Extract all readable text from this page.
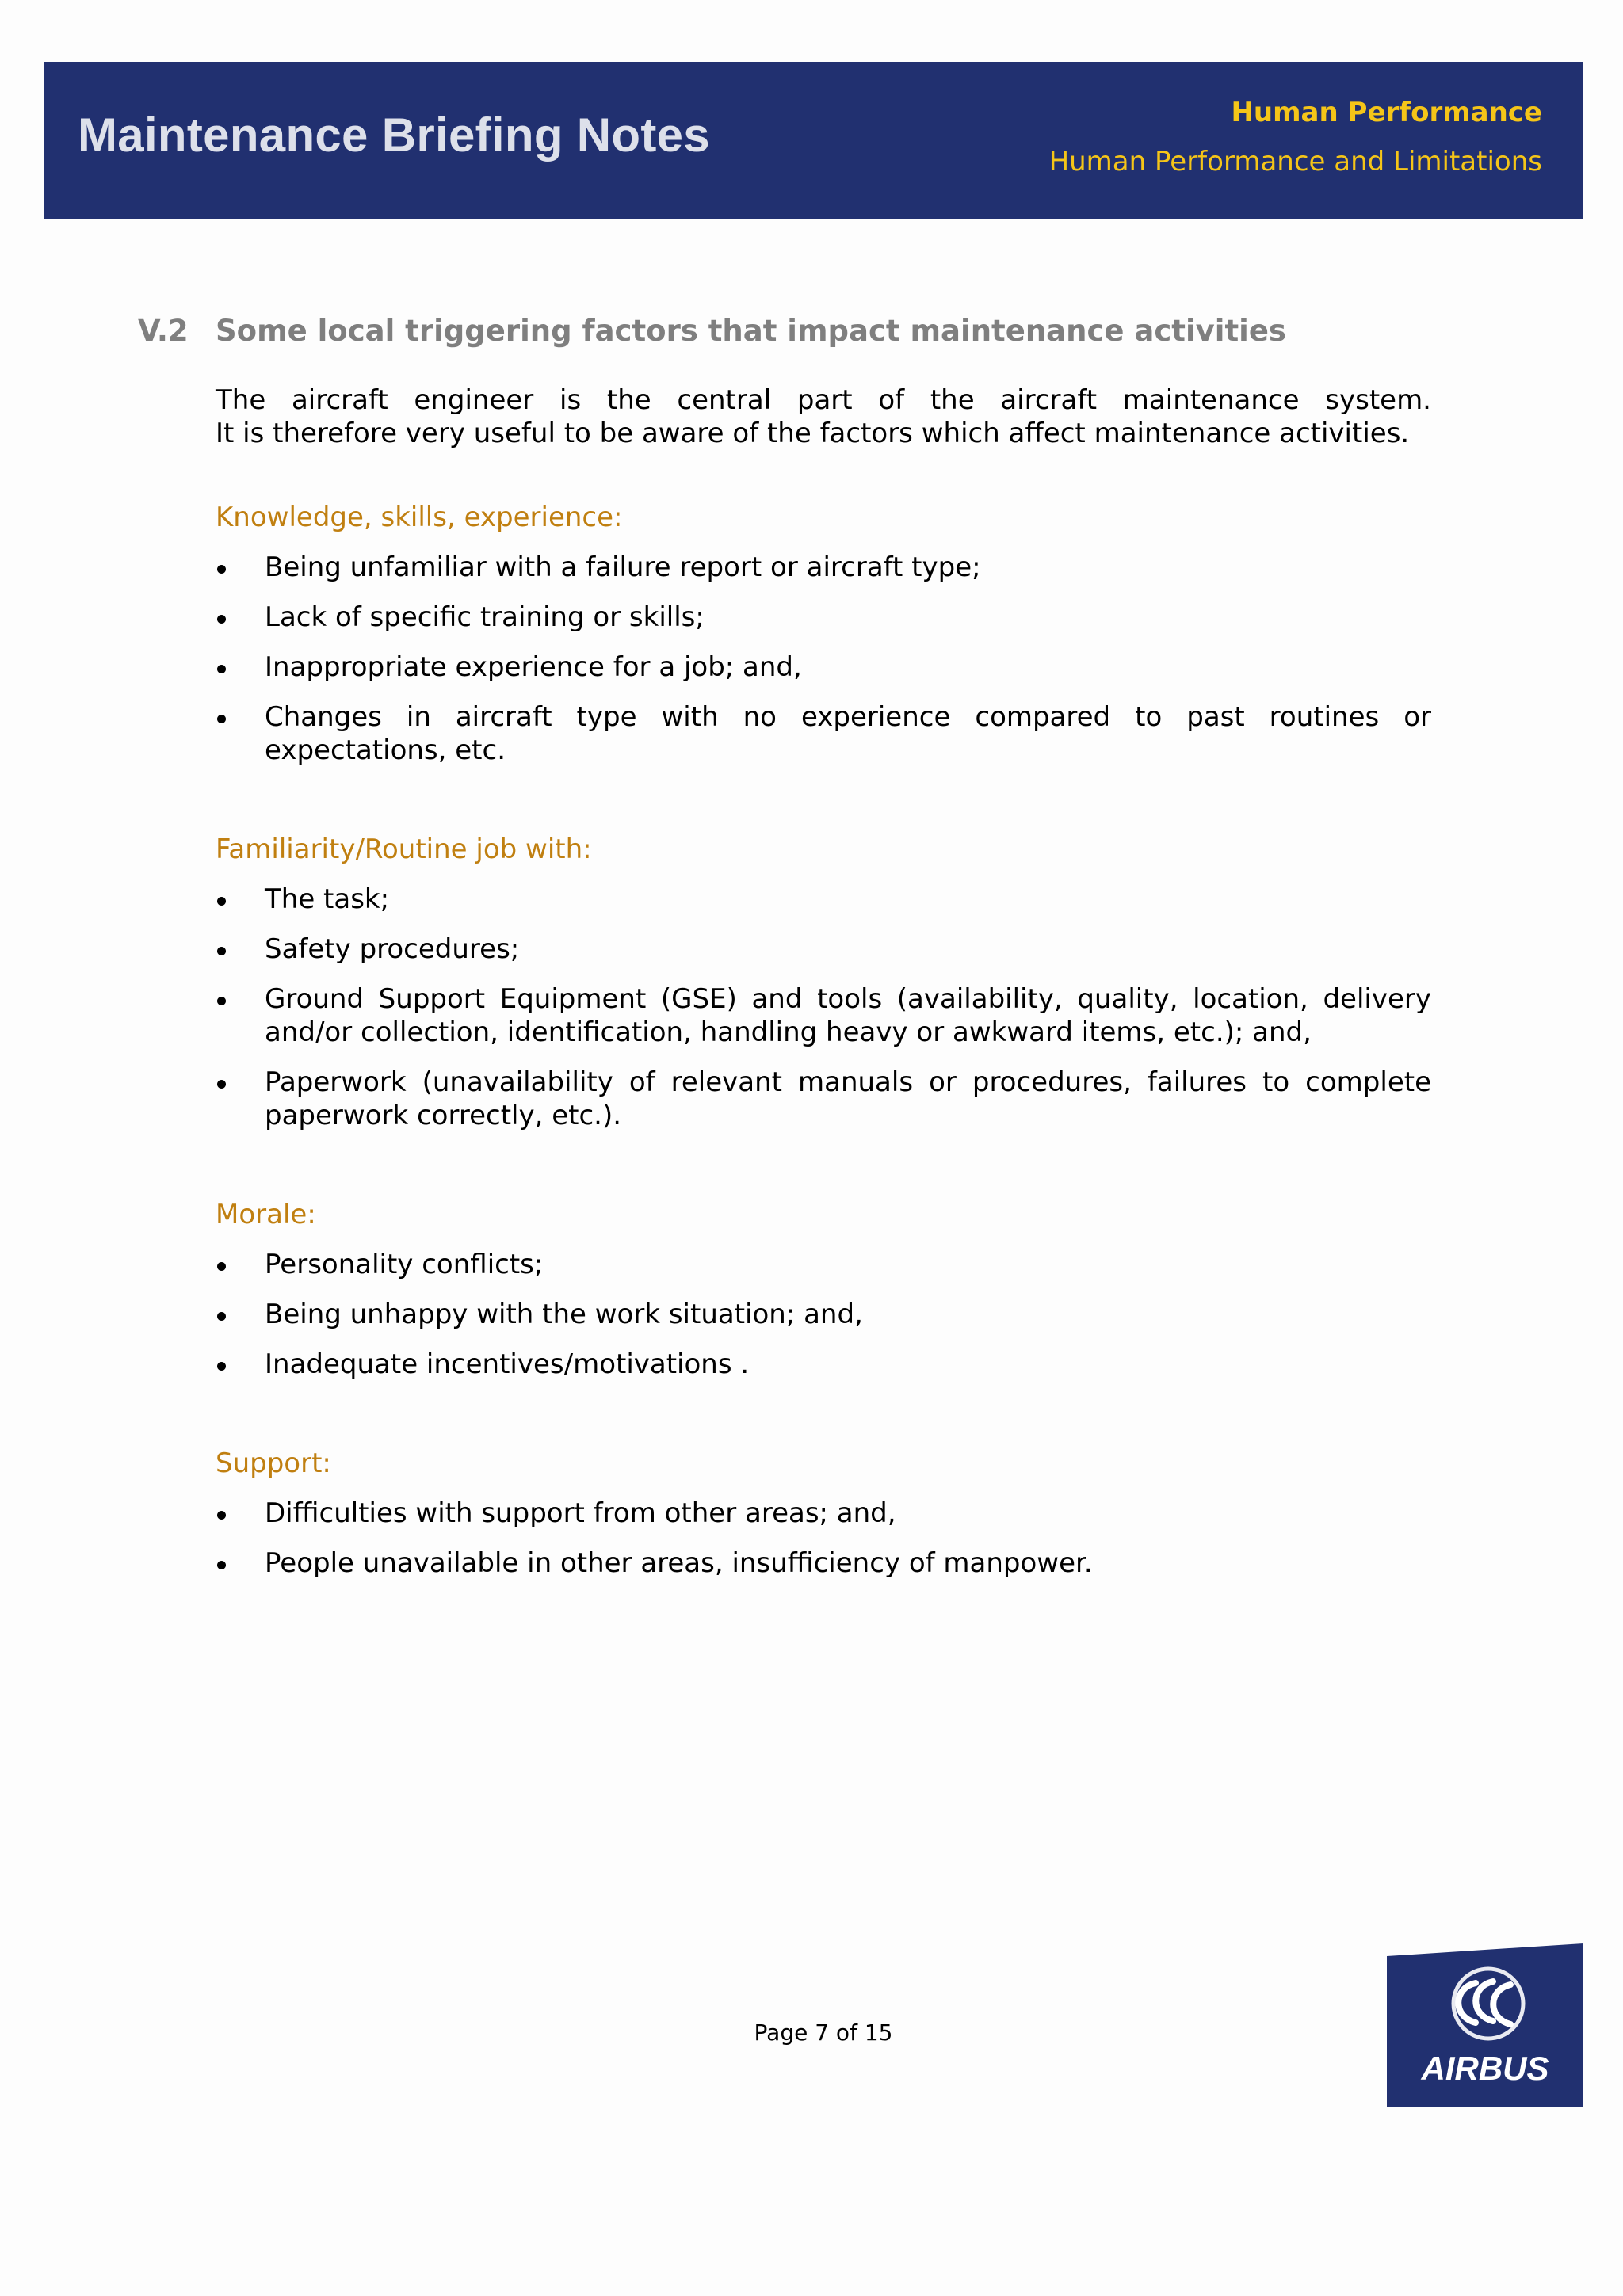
Maintenance Briefing Notes	Human Performance
Human Performance and Limitations
V.2 Some local triggering factors that impact maintenance activities

The aircraft engineer is the central part of the aircraft maintenance system.
It is therefore very useful to be aware of the factors which affect maintenance activities.

Knowledge, skills, experience:

Being unfamiliar with a failure report or aircraft type;
Lack of specific training or skills;
Inappropriate experience for a job; and,
Changes in aircraft type with no experience compared to past routines or expectations, etc.

Familiarity/Routine job with:

The task;
Safety procedures;
Ground Support Equipment (GSE) and tools (availability, quality, location, delivery and/or collection, identification, handling heavy or awkward items, etc.); and,
Paperwork (unavailability of relevant manuals or procedures, failures to complete paperwork correctly, etc.).

Morale:

Personality conflicts;
Being unhappy with the work situation; and,
Inadequate incentives/motivations .

Support:

Difficulties with support from other areas; and,
People unavailable in other areas, insufficiency of manpower.
Page 7 of 15
AIRBUS
